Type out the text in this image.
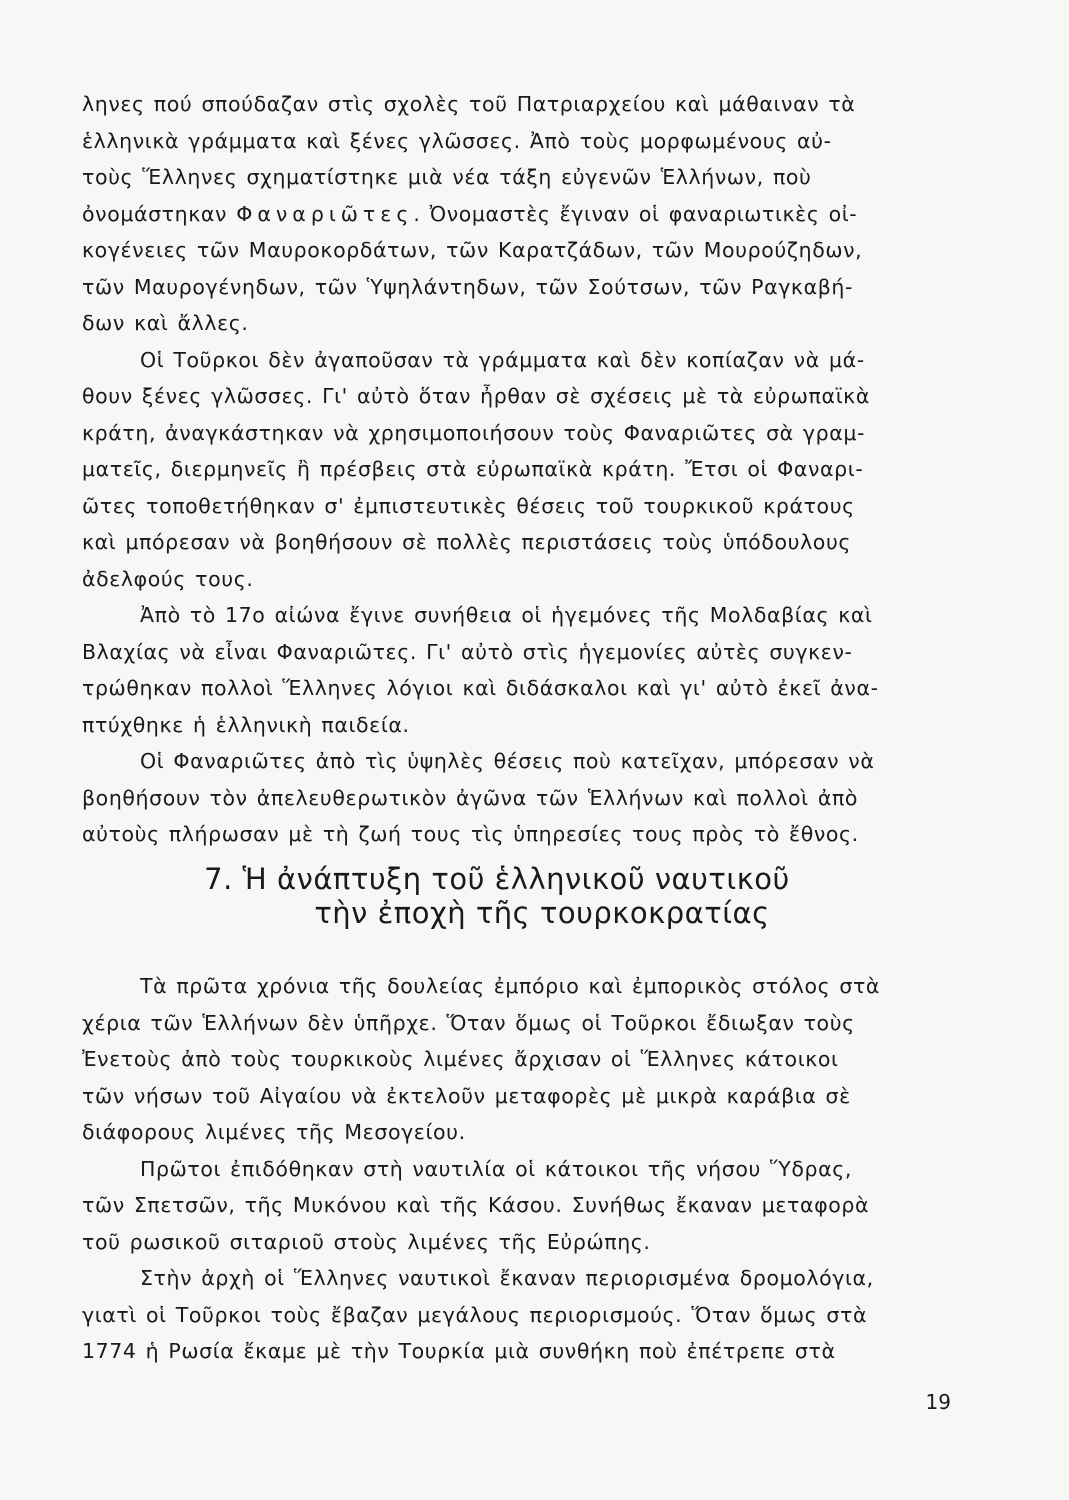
ληνες πού σπούδαζαν στὶς σχολὲς τοῦ Πατριαρχείου καὶ μάθαιναν τὰ
ἑλληνικὰ γράμματα καὶ ξένες γλῶσσες. Ἀπὸ τοὺς μορφωμένους αὐ-
τοὺς Ἕλληνες σχηματίστηκε μιὰ νέα τάξη εὐγενῶν Ἑλλήνων, ποὺ
ὀνομάστηκαν Φαναριῶτες. Ὀνομαστὲς ἔγιναν οἱ φαναριωτικὲς οἰ-
κογένειες τῶν Μαυροκορδάτων, τῶν Καρατζάδων, τῶν Μουρούζηδων,
τῶν Μαυρογένηδων, τῶν Ὑψηλάντηδων, τῶν Σούτσων, τῶν Ραγκαβή-
δων καὶ ἄλλες.
Οἱ Τοῦρκοι δὲν ἀγαποῦσαν τὰ γράμματα καὶ δὲν κοπίαζαν νὰ μά-
θουν ξένες γλῶσσες. Γι' αὐτὸ ὅταν ἦρθαν σὲ σχέσεις μὲ τὰ εὐρωπαϊκὰ
κράτη, ἀναγκάστηκαν νὰ χρησιμοποιήσουν τοὺς Φαναριῶτες σὰ γραμ-
ματεῖς, διερμηνεῖς ἢ πρέσβεις στὰ εὐρωπαϊκὰ κράτη. Ἔτσι οἱ Φαναρι-
ῶτες τοποθετήθηκαν σ' ἐμπιστευτικὲς θέσεις τοῦ τουρκικοῦ κράτους
καὶ μπόρεσαν νὰ βοηθήσουν σὲ πολλὲς περιστάσεις τοὺς ὑπόδουλους
ἀδελφούς τους.
Ἀπὸ τὸ 17ο αἰώνα ἔγινε συνήθεια οἱ ἡγεμόνες τῆς Μολδαβίας καὶ
Βλαχίας νὰ εἶναι Φαναριῶτες. Γι' αὐτὸ στὶς ἡγεμονίες αὐτὲς συγκεν-
τρώθηκαν πολλοὶ Ἕλληνες λόγιοι καὶ διδάσκαλοι καὶ γι' αὐτὸ ἐκεῖ ἀνα-
πτύχθηκε ἡ ἑλληνικὴ παιδεία.
Οἱ Φαναριῶτες ἀπὸ τὶς ὑψηλὲς θέσεις ποὺ κατεῖχαν, μπόρεσαν νὰ
βοηθήσουν τὸν ἀπελευθερωτικὸν ἀγῶνα τῶν Ἑλλήνων καὶ πολλοὶ ἀπὸ
αὐτοὺς πλήρωσαν μὲ τὴ ζωή τους τὶς ὑπηρεσίες τους πρὸς τὸ ἔθνος.
7. Ἡ ἀνάπτυξη τοῦ ἑλληνικοῦ ναυτικοῦ
τὴν ἐποχὴ τῆς τουρκοκρατίας
Τὰ πρῶτα χρόνια τῆς δουλείας ἐμπόριο καὶ ἐμπορικὸς στόλος στὰ
χέρια τῶν Ἑλλήνων δὲν ὑπῆρχε. Ὅταν ὅμως οἱ Τοῦρκοι ἔδιωξαν τοὺς
Ἐνετοὺς ἀπὸ τοὺς τουρκικοὺς λιμένες ἄρχισαν οἱ Ἕλληνες κάτοικοι
τῶν νήσων τοῦ Αἰγαίου νὰ ἐκτελοῦν μεταφορὲς μὲ μικρὰ καράβια σὲ
διάφορους λιμένες τῆς Μεσογείου.
Πρῶτοι ἐπιδόθηκαν στὴ ναυτιλία οἱ κάτοικοι τῆς νήσου Ὕδρας,
τῶν Σπετσῶν, τῆς Μυκόνου καὶ τῆς Κάσου. Συνήθως ἔκαναν μεταφορὰ
τοῦ ρωσικοῦ σιταριοῦ στοὺς λιμένες τῆς Εὐρώπης.
Στὴν ἀρχὴ οἱ Ἕλληνες ναυτικοὶ ἔκαναν περιορισμένα δρομολόγια,
γιατὶ οἱ Τοῦρκοι τοὺς ἔβαζαν μεγάλους περιορισμούς. Ὅταν ὅμως στὰ
1774 ἡ Ρωσία ἔκαμε μὲ τὴν Τουρκία μιὰ συνθήκη ποὺ ἐπέτρεπε στὰ
19
